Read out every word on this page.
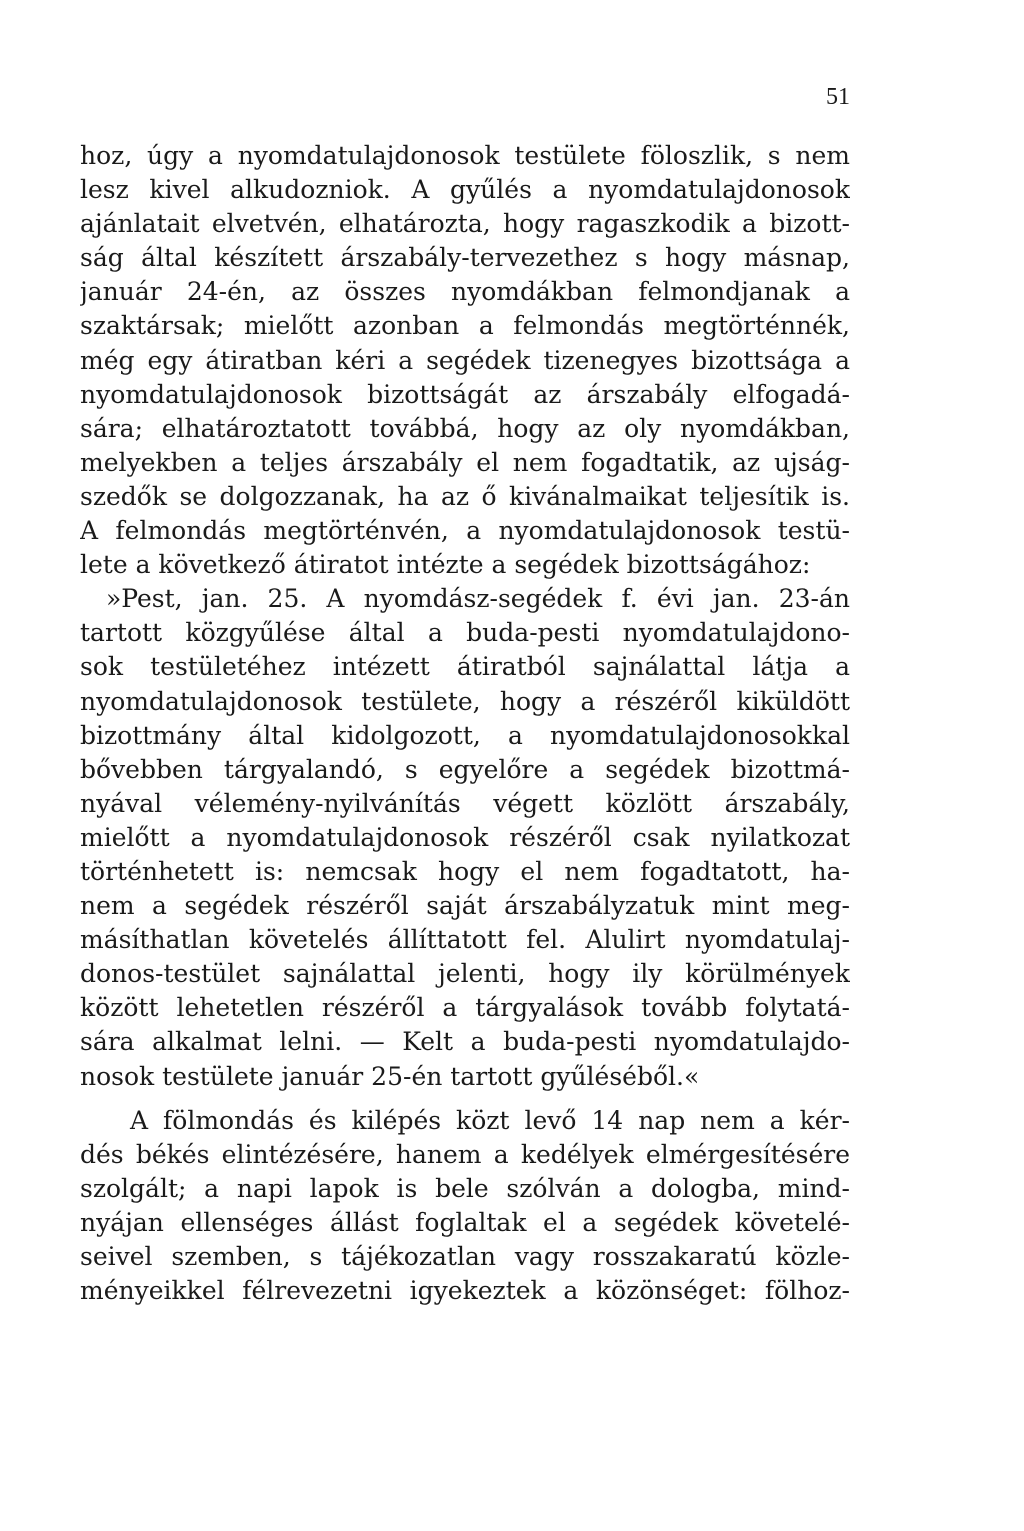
51
hoz, úgy a nyomdatulajdonosok testülete föloszlik, s nem
lesz kivel alkudozniok. A gyűlés a nyomdatulajdonosok
ajánlatait elvetvén, elhatározta, hogy ragaszkodik a bizott-
ság által készített árszabály-tervezethez s hogy másnap,
január 24-én, az összes nyomdákban felmondjanak a
szaktársak; mielőtt azonban a felmondás megtörténnék,
még egy átiratban kéri a segédek tizenegyes bizottsága a
nyomdatulajdonosok bizottságát az árszabály elfogadá-
sára; elhatároztatott továbbá, hogy az oly nyomdákban,
melyekben a teljes árszabály el nem fogadtatik, az ujság-
szedők se dolgozzanak, ha az ő kivánalmaikat teljesítik is.
A felmondás megtörténvén, a nyomdatulajdonosok testü-
lete a következő átiratot intézte a segédek bizottságához:
»Pest, jan. 25. A nyomdász-segédek f. évi jan. 23-án
tartott közgyűlése által a buda-pesti nyomdatulajdono-
sok testületéhez intézett átiratból sajnálattal látja a
nyomdatulajdonosok testülete, hogy a részéről kiküldött
bizottmány által kidolgozott, a nyomdatulajdonosokkal
bővebben tárgyalandó, s egyelőre a segédek bizottmá-
nyával vélemény-nyilvánítás végett közlött árszabály,
mielőtt a nyomdatulajdonosok részéről csak nyilatkozat
történhetett is: nemcsak hogy el nem fogadtatott, ha-
nem a segédek részéről saját árszabályzatuk mint meg-
másíthatlan követelés állíttatott fel. Alulirt nyomdatulaj-
donos-testület sajnálattal jelenti, hogy ily körülmények
között lehetetlen részéről a tárgyalások tovább folytatá-
sára alkalmat lelni. — Kelt a buda-pesti nyomdatulajdo-
nosok testülete január 25-én tartott gyűléséből.«
A fölmondás és kilépés közt levő 14 nap nem a kér-
dés békés elintézésére, hanem a kedélyek elmérgesítésére
szolgált; a napi lapok is bele szólván a dologba, mind-
nyájan ellenséges állást foglaltak el a segédek követelé-
seivel szemben, s tájékozatlan vagy rosszakaratú közle-
ményeikkel félrevezetni igyekeztek a közönséget: fölhoz-
